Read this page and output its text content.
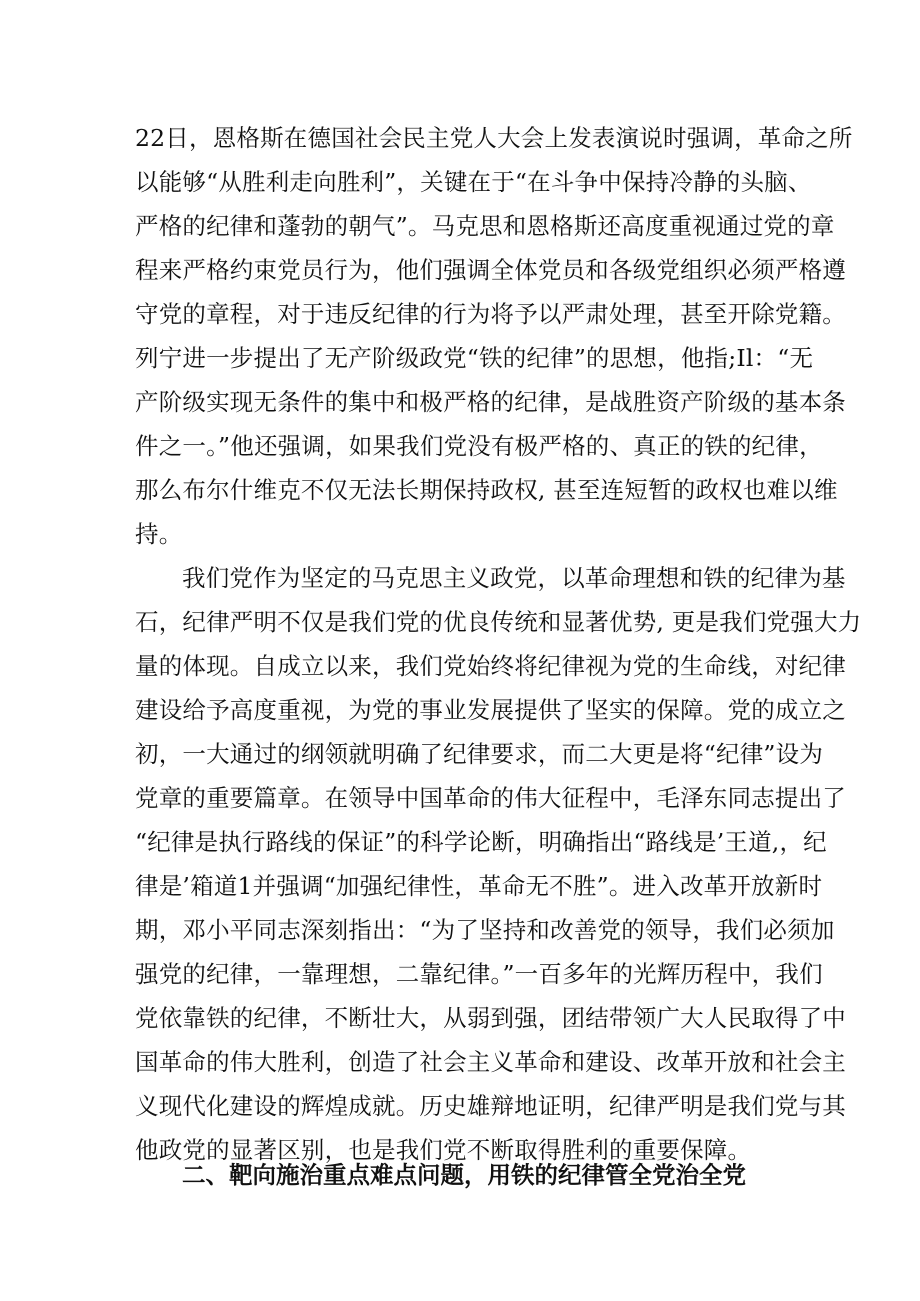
22日，恩格斯在德国社会民主党人大会上发表演说时强调，革命之所
以能够“从胜利走向胜利”，关键在于“在斗争中保持冷静的头脑、
严格的纪律和蓬勃的朝气”。马克思和恩格斯还高度重视通过党的章
程来严格约束党员行为，他们强调全体党员和各级党组织必须严格遵
守党的章程，对于违反纪律的行为将予以严肃处理，甚至开除党籍。
列宁进一步提出了无产阶级政党“铁的纪律”的思想，他指;Il：“无
产阶级实现无条件的集中和极严格的纪律，是战胜资产阶级的基本条
件之一。”他还强调，如果我们党没有极严格的、真正的铁的纪律，
那么布尔什维克不仅无法长期保持政权, 甚至连短暂的政权也难以维
持。
我们党作为坚定的马克思主义政党，以革命理想和铁的纪律为基
石，纪律严明不仅是我们党的优良传统和显著优势, 更是我们党强大力
量的体现。自成立以来，我们党始终将纪律视为党的生命线，对纪律
建设给予高度重视，为党的事业发展提供了坚实的保障。党的成立之
初，一大通过的纲领就明确了纪律要求，而二大更是将“纪律”设为
党章的重要篇章。在领导中国革命的伟大征程中，毛泽东同志提出了
“纪律是执行路线的保证”的科学论断，明确指出“路线是’王道,，纪
律是’箱道1并强调“加强纪律性，革命无不胜”。进入改革开放新时
期，邓小平同志深刻指出：“为了坚持和改善党的领导，我们必须加
强党的纪律，一靠理想，二靠纪律。”一百多年的光辉历程中，我们
党依靠铁的纪律，不断壮大，从弱到强，团结带领广大人民取得了中
国革命的伟大胜利，创造了社会主义革命和建设、改革开放和社会主
义现代化建设的辉煌成就。历史雄辩地证明，纪律严明是我们党与其
他政党的显著区别，也是我们党不断取得胜利的重要保障。
二、靶向施治重点难点问题，用铁的纪律管全党治全党
